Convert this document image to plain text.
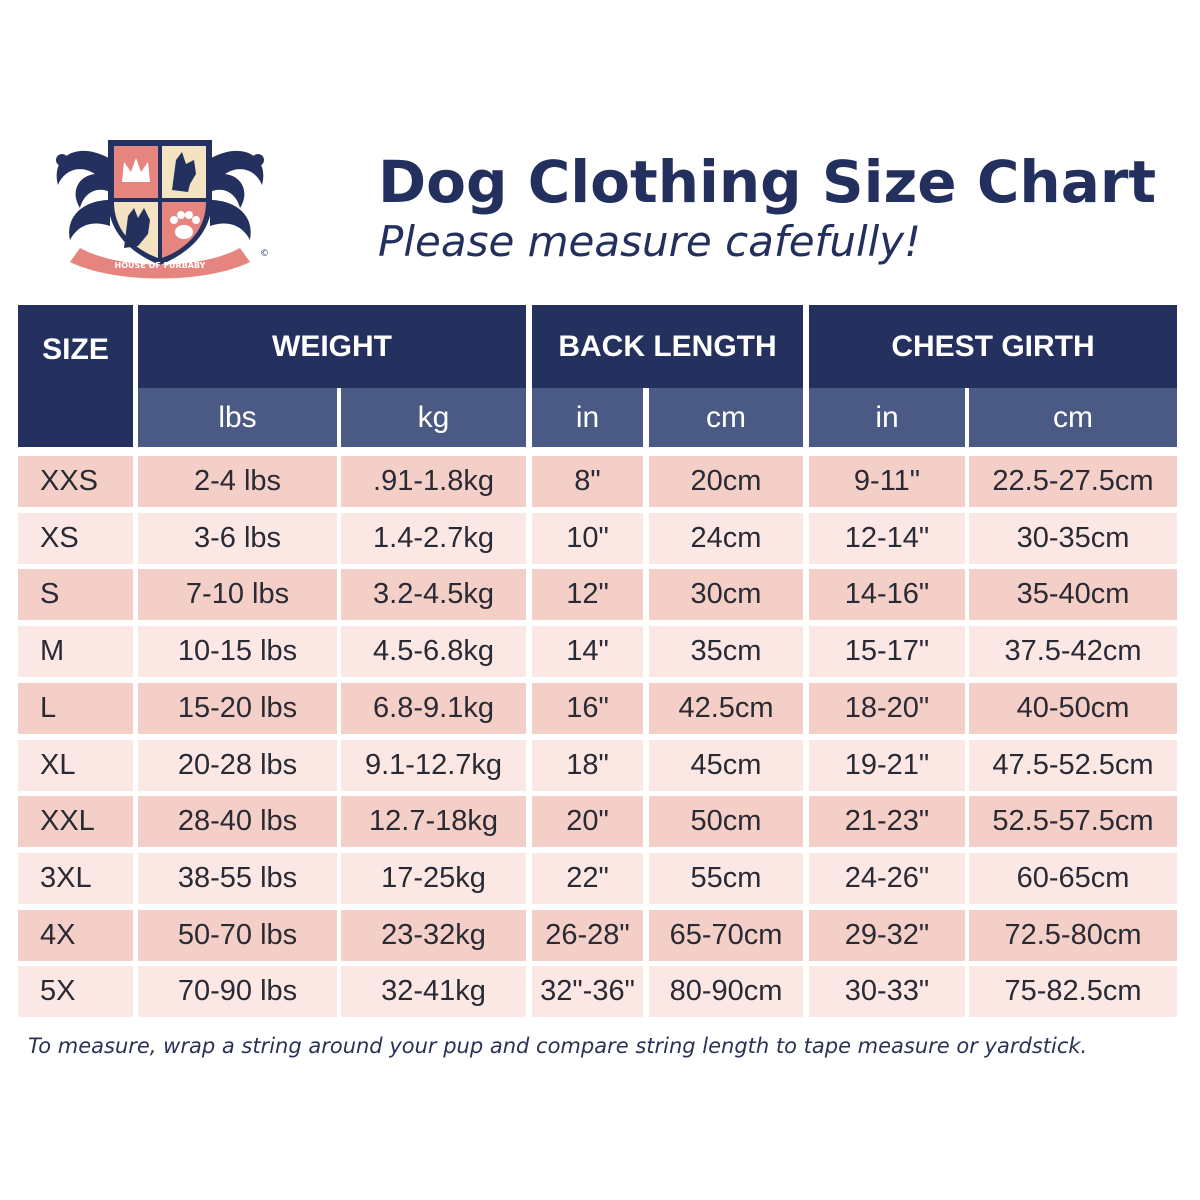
HOUSE OF FURBABY
©
Dog Clothing Size Chart
Please measure cafefully!
SIZE	WEIGHT	BACK LENGTH	CHEST GIRTH
lbs	kg	in	cm	in	cm
XXS	2-4 lbs	.91-1.8kg	8"	20cm	9-11"	22.5-27.5cm
XS	3-6 lbs	1.4-2.7kg	10"	24cm	12-14"	30-35cm
S	7-10 lbs	3.2-4.5kg	12"	30cm	14-16"	35-40cm
M	10-15 lbs	4.5-6.8kg	14"	35cm	15-17"	37.5-42cm
L	15-20 lbs	6.8-9.1kg	16"	42.5cm	18-20"	40-50cm
XL	20-28 lbs	9.1-12.7kg	18"	45cm	19-21"	47.5-52.5cm
XXL	28-40 lbs	12.7-18kg	20"	50cm	21-23"	52.5-57.5cm
3XL	38-55 lbs	17-25kg	22"	55cm	24-26"	60-65cm
4X	50-70 lbs	23-32kg	26-28"	65-70cm	29-32"	72.5-80cm
5X	70-90 lbs	32-41kg	32"-36"	80-90cm	30-33"	75-82.5cm
To measure, wrap a string around your pup and compare string length to tape measure or yardstick.
